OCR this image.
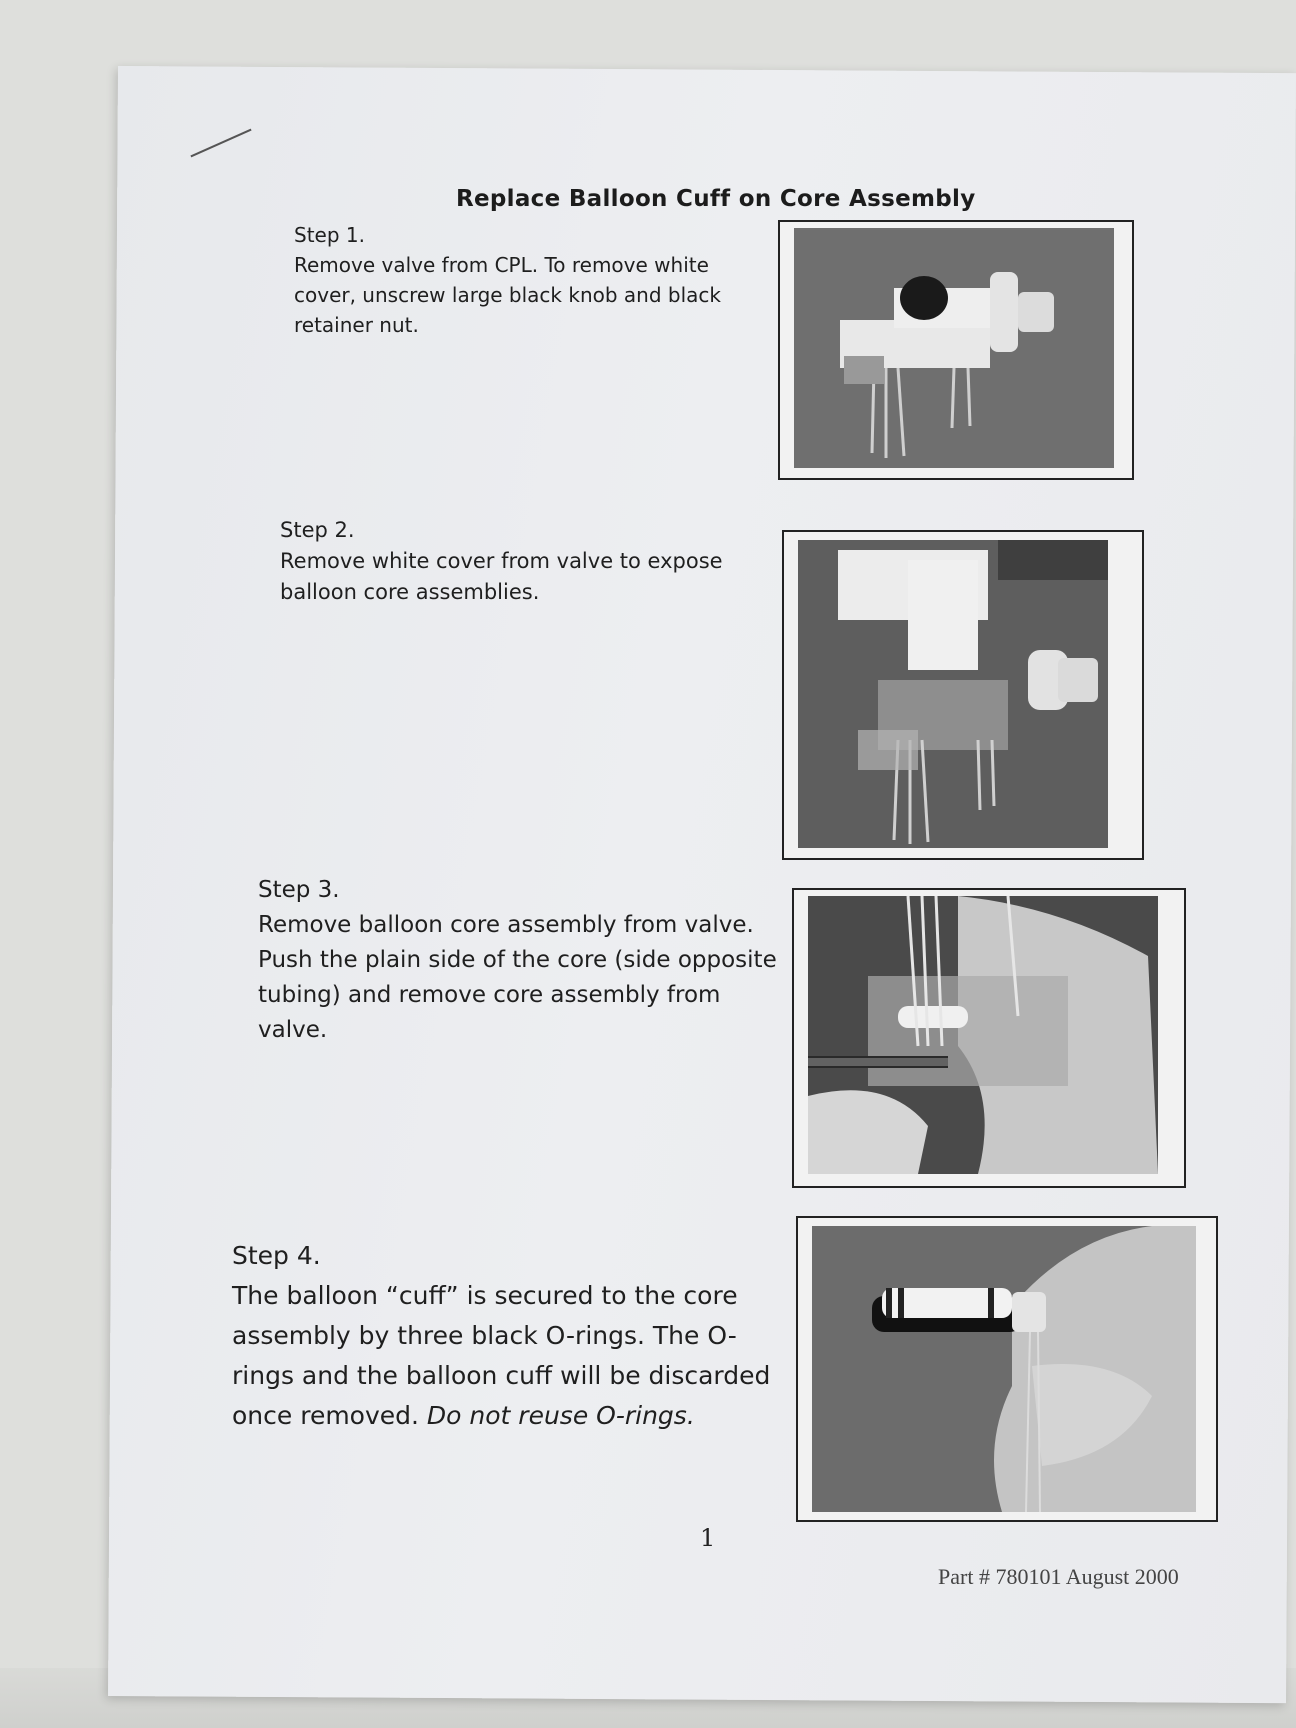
Replace Balloon Cuff on Core Assembly
Step 1.
Remove valve from CPL. To remove white cover, unscrew large black knob and black retainer nut.
Step 2.
Remove white cover from valve to expose balloon core assemblies.
Step 3.
Remove balloon core assembly from valve. Push the plain side of the core (side opposite tubing) and remove core assembly from valve.
Step 4.
The balloon “cuff” is secured to the core assembly by three black O-rings. The O-rings and the balloon cuff will be discarded once removed. Do not reuse O-rings.
1
Part # 780101 August 2000
